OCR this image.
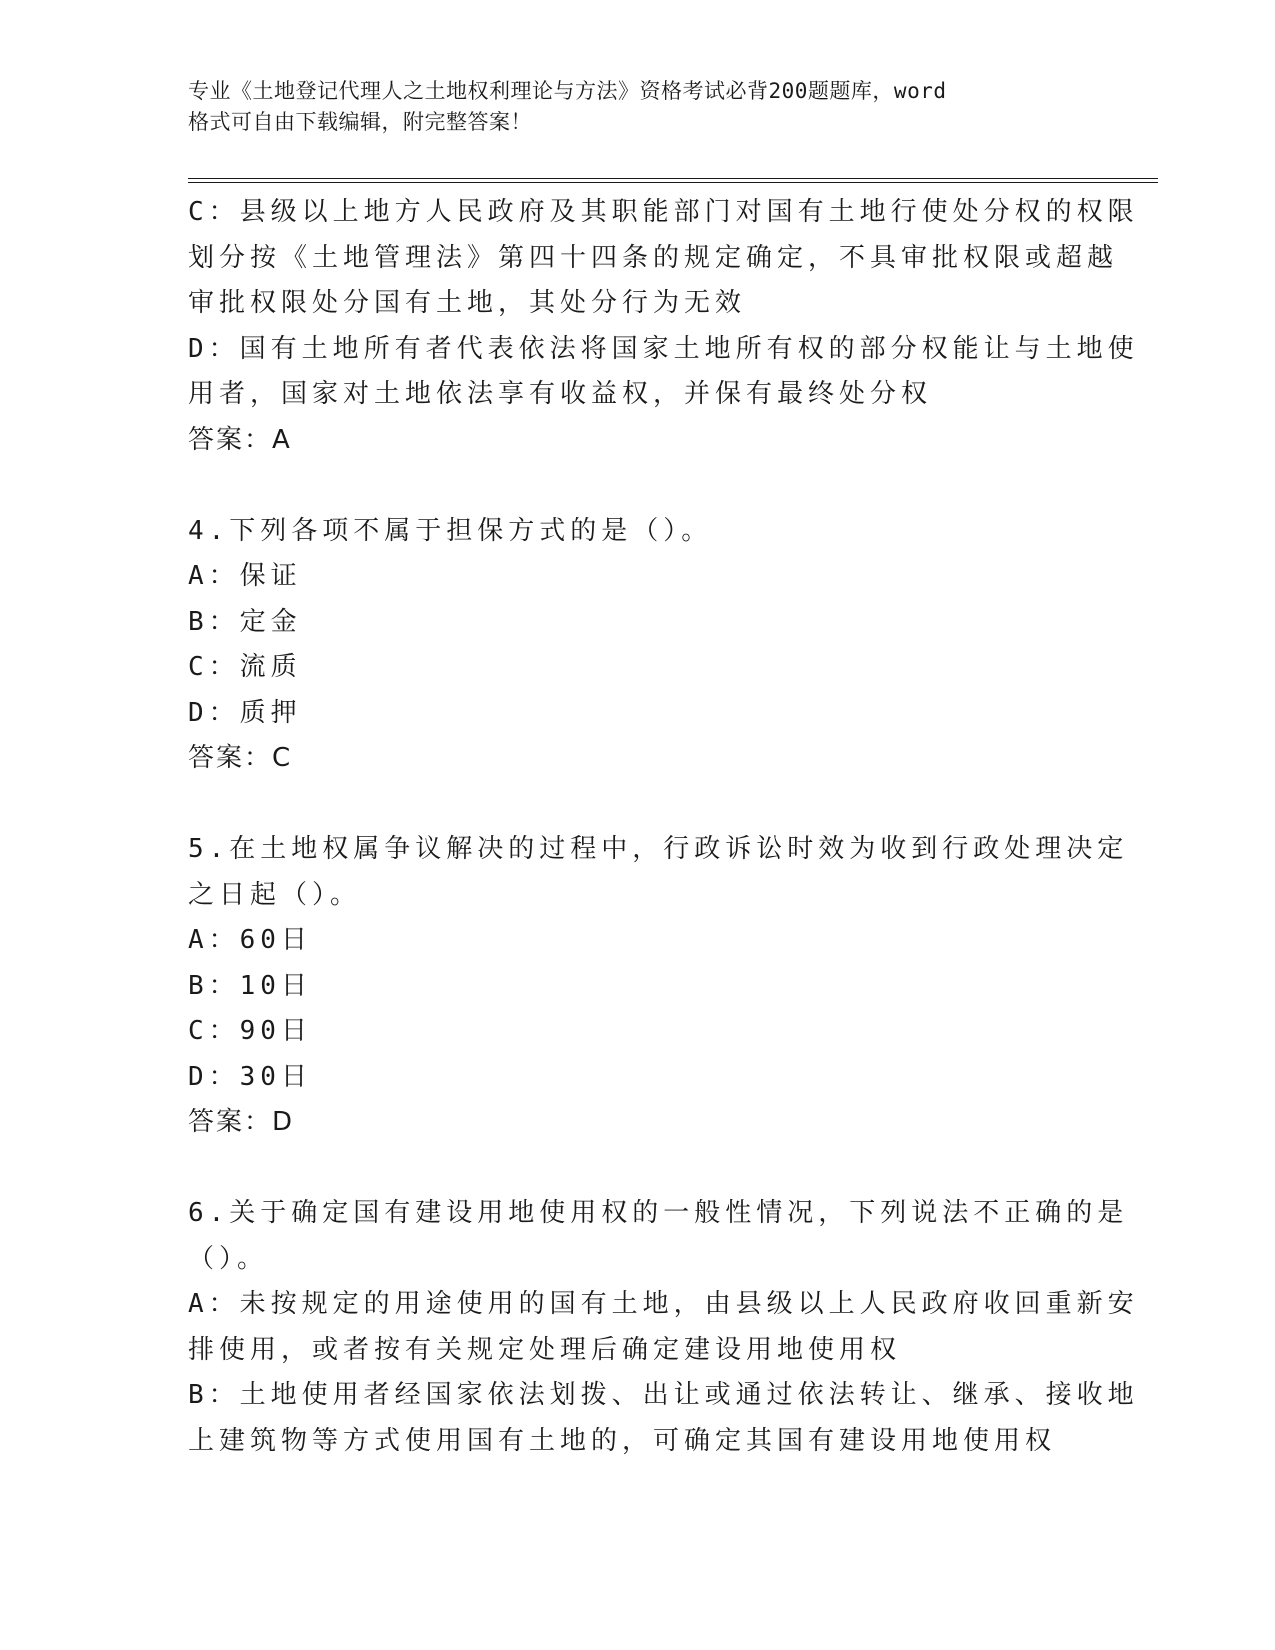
专业《土地登记代理人之土地权利理论与方法》资格考试必背200题题库，word
格式可自由下载编辑，附完整答案！
C：县级以上地方人民政府及其职能部门对国有土地行使处分权的权限
划分按《土地管理法》第四十四条的规定确定，不具审批权限或超越
审批权限处分国有土地，其处分行为无效
D：国有土地所有者代表依法将国家土地所有权的部分权能让与土地使
用者，国家对土地依法享有收益权，并保有最终处分权
答案：A
4.下列各项不属于担保方式的是（）。
A：保证
B：定金
C：流质
D：质押
答案：C
5.在土地权属争议解决的过程中，行政诉讼时效为收到行政处理决定
之日起（）。
A：60日
B：10日
C：90日
D：30日
答案：D
6.关于确定国有建设用地使用权的一般性情况，下列说法不正确的是
（）。
A：未按规定的用途使用的国有土地，由县级以上人民政府收回重新安
排使用，或者按有关规定处理后确定建设用地使用权
B：土地使用者经国家依法划拨、出让或通过依法转让、继承、接收地
上建筑物等方式使用国有土地的，可确定其国有建设用地使用权
